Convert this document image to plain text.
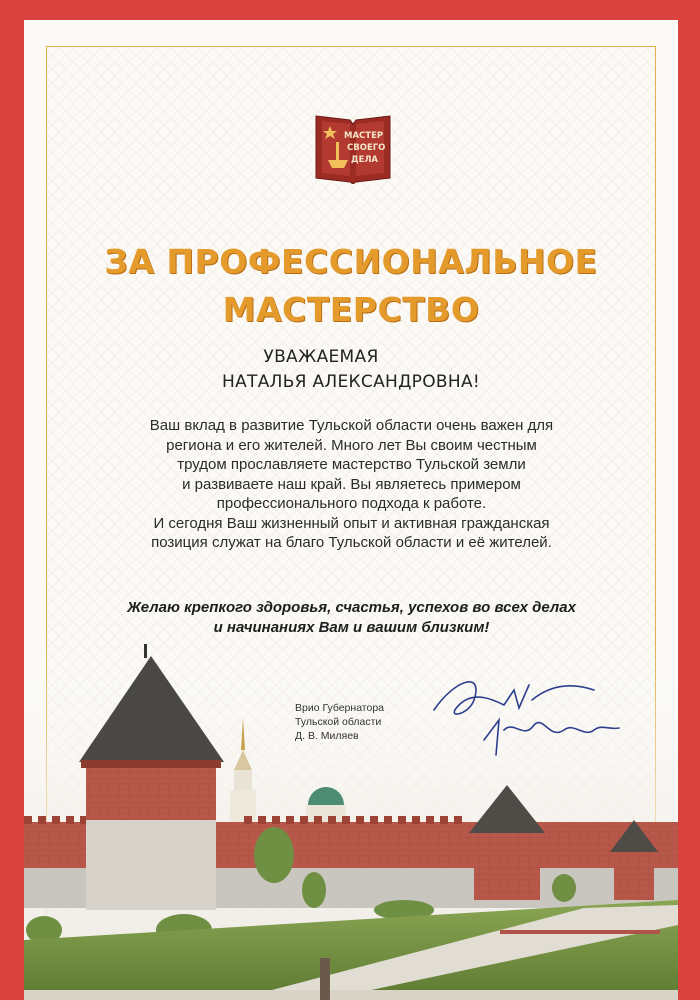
МАСТЕР
СВОЕГО
ДЕЛА
ЗА ПРОФЕССИОНАЛЬНОЕ
МАСТЕРСТВО
УВАЖАЕМАЯ
НАТАЛЬЯ АЛЕКСАНДРОВНА!
Ваш вклад в развитие Тульской области очень важен для
региона и его жителей. Много лет Вы своим честным
трудом прославляете мастерство Тульской земли
и развиваете наш край. Вы являетесь примером
профессионального подхода к работе.
И сегодня Ваш жизненный опыт и активная гражданская
позиция служат на благо Тульской области и её жителей.
Желаю крепкого здоровья, счастья, успехов во всех делах
и начинаниях Вам и вашим близким!
Врио Губернатора
Тульской области
Д. В. Миляев
